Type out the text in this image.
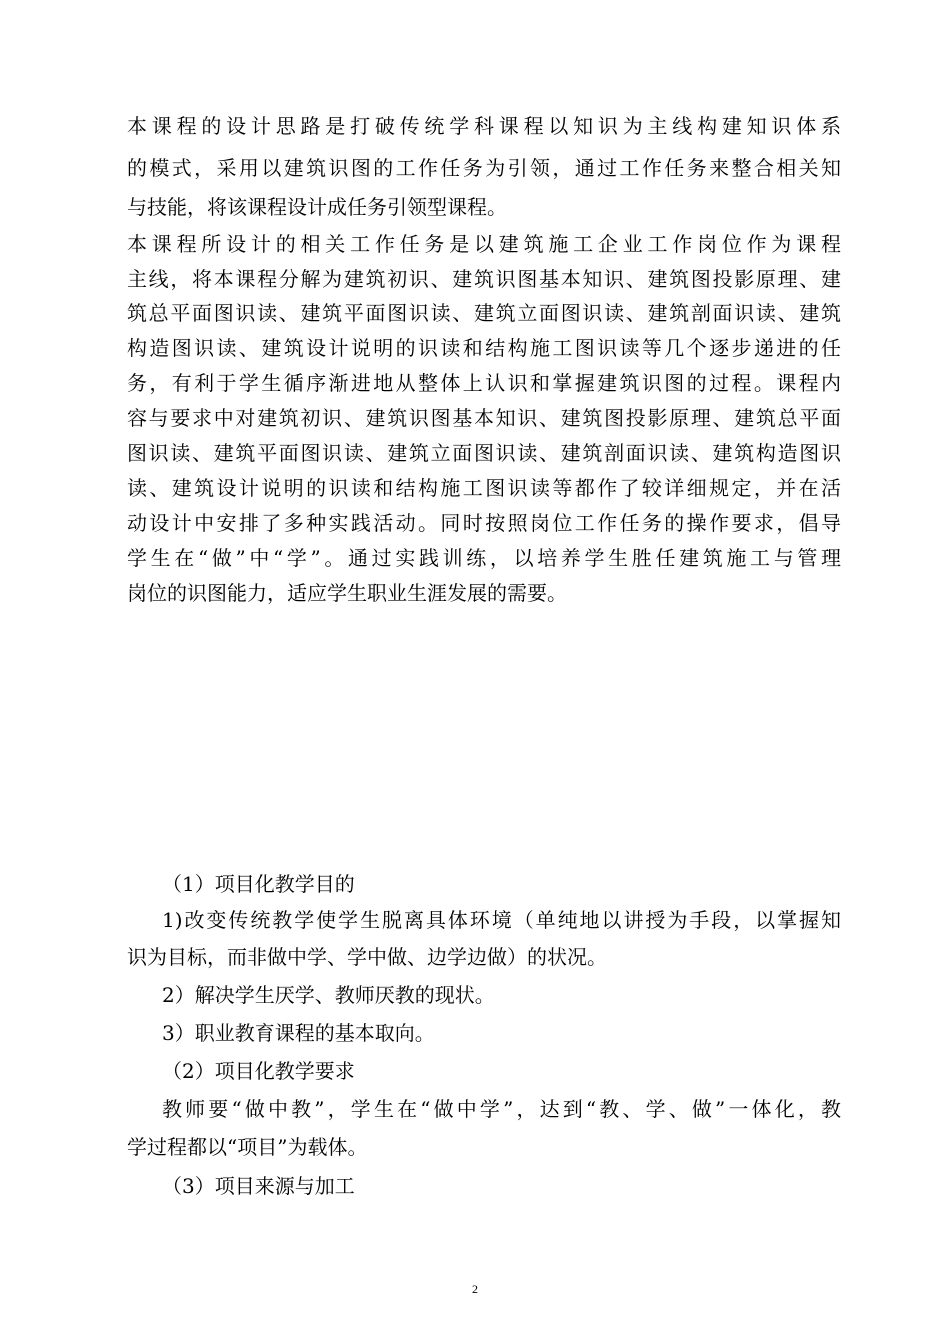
本课程的设计思路是打破传统学科课程以知识为主线构建知识体系
的模式，采用以建筑识图的工作任务为引领，通过工作任务来整合相关知
与技能，将该课程设计成任务引领型课程。
本课程所设计的相关工作任务是以建筑施工企业工作岗位作为课程
主线，将本课程分解为建筑初识、建筑识图基本知识、建筑图投影原理、建
筑总平面图识读、建筑平面图识读、建筑立面图识读、建筑剖面识读、建筑
构造图识读、建筑设计说明的识读和结构施工图识读等几个逐步递进的任
务，有利于学生循序渐进地从整体上认识和掌握建筑识图的过程。课程内
容与要求中对建筑初识、建筑识图基本知识、建筑图投影原理、建筑总平面
图识读、建筑平面图识读、建筑立面图识读、建筑剖面识读、建筑构造图识
读、建筑设计说明的识读和结构施工图识读等都作了较详细规定，并在活
动设计中安排了多种实践活动。同时按照岗位工作任务的操作要求，倡导
学生在“做”中“学”。通过实践训练，以培养学生胜任建筑施工与管理
岗位的识图能力，适应学生职业生涯发展的需要。
（1）项目化教学目的
1)改变传统教学使学生脱离具体环境（单纯地以讲授为手段，以掌握知
识为目标，而非做中学、学中做、边学边做）的状况。
2）解决学生厌学、教师厌教的现状。
3）职业教育课程的基本取向。
（2）项目化教学要求
教师要“做中教”，学生在“做中学”，达到“教、学、做”一体化，教
学过程都以“项目”为载体。
（3）项目来源与加工
2
